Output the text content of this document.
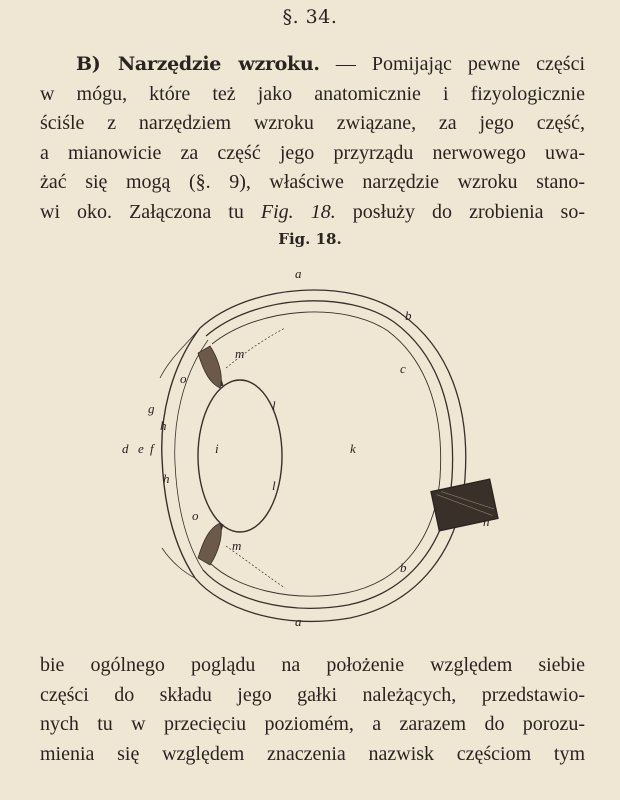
§. 34.
B) Narzędzie wzroku. — Pomijając pewne części
w mógu, które też jako anatomicznie i fizyologicznie
ściśle z narzędziem wzroku związane, za jego część,
a mianowicie za część jego przyrządu nerwowego uwa-
żać się mogą (§. 9), właściwe narzędzie wzroku stano-
wi oko. Załączona tu Fig. 18. posłuży do zrobienia so-
Fig. 18.
a
b
c
d e f
g
h
h
i	k
l
l
m
m
n
o
o
b
a
bie ogólnego poglądu na położenie względem siebie
części do składu jego gałki należących, przedstawio-
nych tu w przecięciu poziomém, a zarazem do porozu-
mienia się względem znaczenia nazwisk częściom tym
